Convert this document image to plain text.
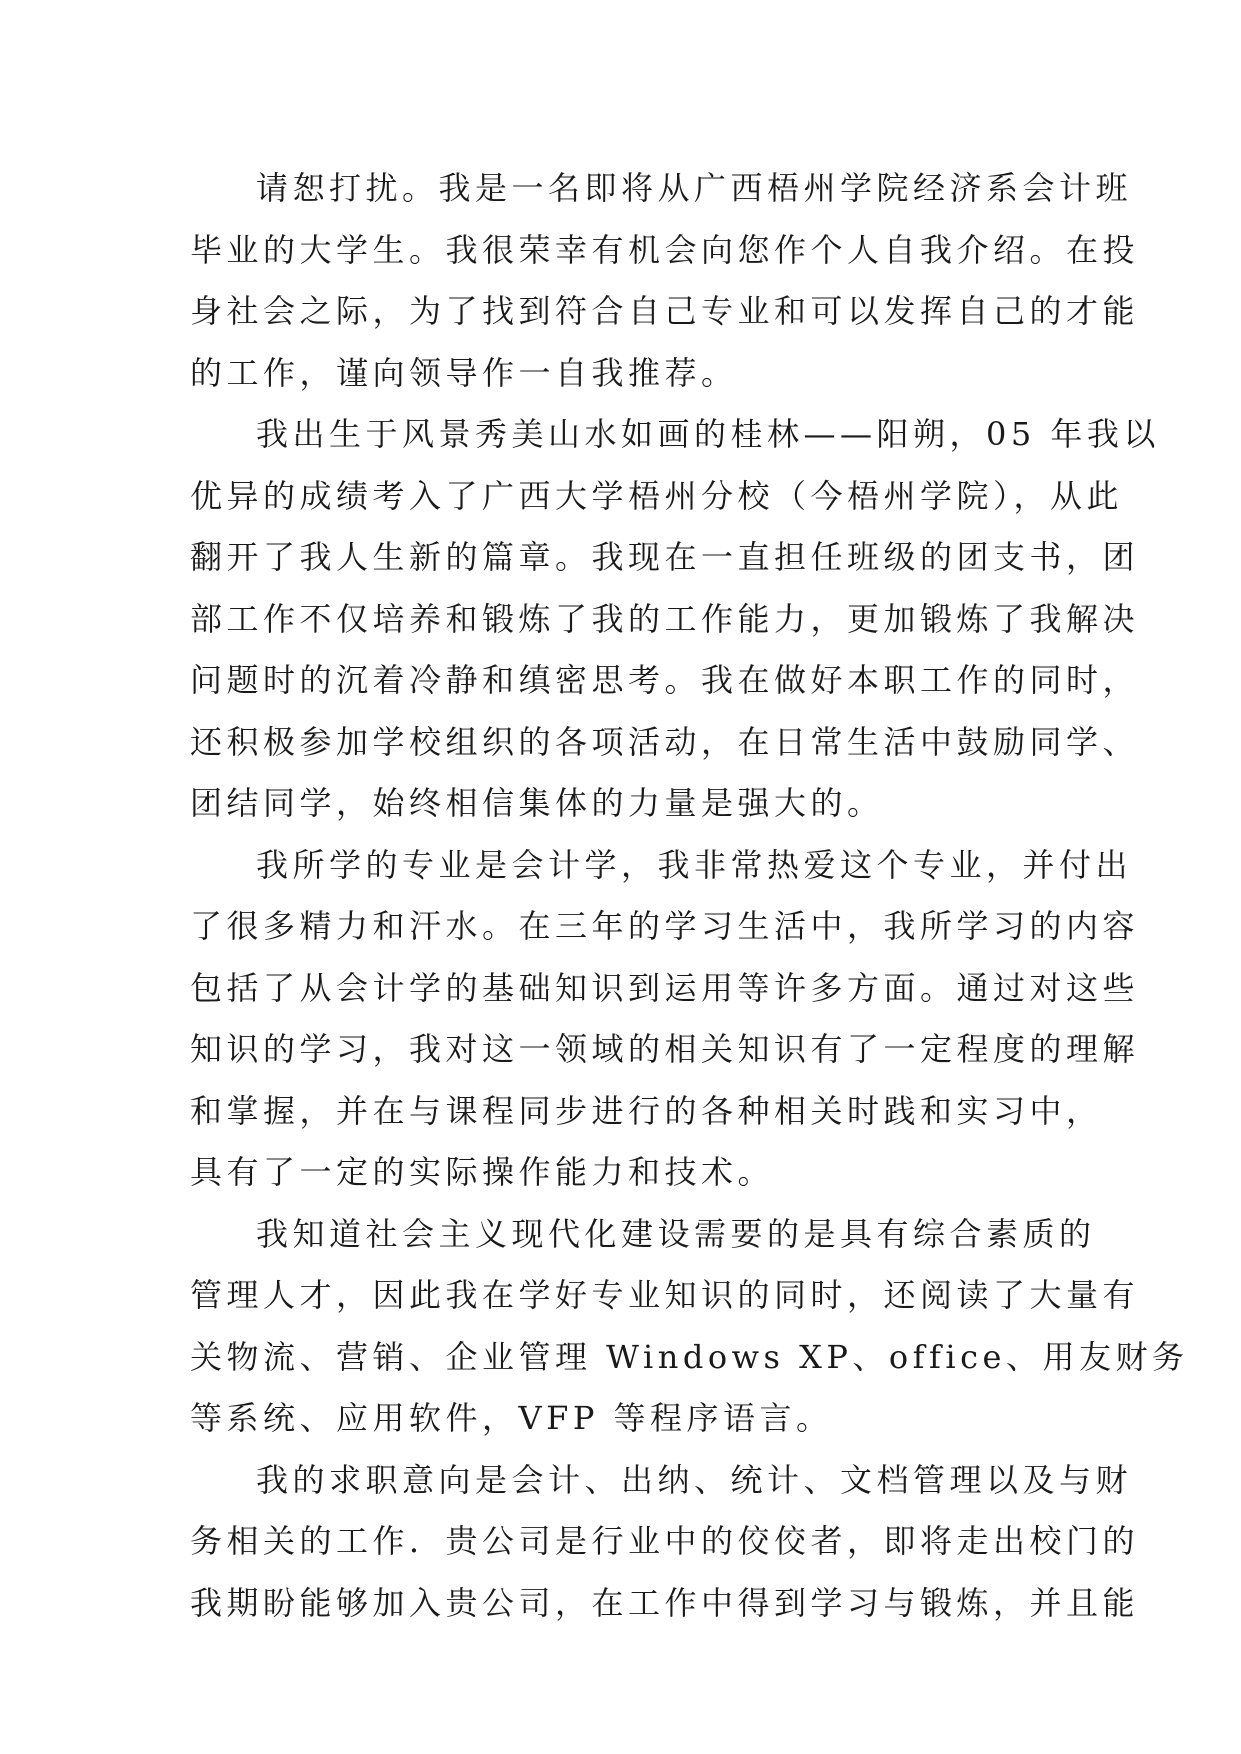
请恕打扰。我是一名即将从广西梧州学院经济系会计班
毕业的大学生。我很荣幸有机会向您作个人自我介绍。在投
身社会之际，为了找到符合自己专业和可以发挥自己的才能
的工作，谨向领导作一自我推荐。
我出生于风景秀美山水如画的桂林——阳朔，05 年我以
优异的成绩考入了广西大学梧州分校（今梧州学院），从此
翻开了我人生新的篇章。我现在一直担任班级的团支书，团
部工作不仅培养和锻炼了我的工作能力，更加锻炼了我解决
问题时的沉着冷静和缜密思考。我在做好本职工作的同时，
还积极参加学校组织的各项活动，在日常生活中鼓励同学、
团结同学，始终相信集体的力量是强大的。
我所学的专业是会计学，我非常热爱这个专业，并付出
了很多精力和汗水。在三年的学习生活中，我所学习的内容
包括了从会计学的基础知识到运用等许多方面。通过对这些
知识的学习，我对这一领域的相关知识有了一定程度的理解
和掌握，并在与课程同步进行的各种相关时践和实习中，
具有了一定的实际操作能力和技术。
我知道社会主义现代化建设需要的是具有综合素质的
管理人才，因此我在学好专业知识的同时，还阅读了大量有
关物流、营销、企业管理 Windows XP、office、用友财务
等系统、应用软件，VFP 等程序语言。
我的求职意向是会计、出纳、统计、文档管理以及与财
务相关的工作．贵公司是行业中的佼佼者，即将走出校门的
我期盼能够加入贵公司，在工作中得到学习与锻炼，并且能
